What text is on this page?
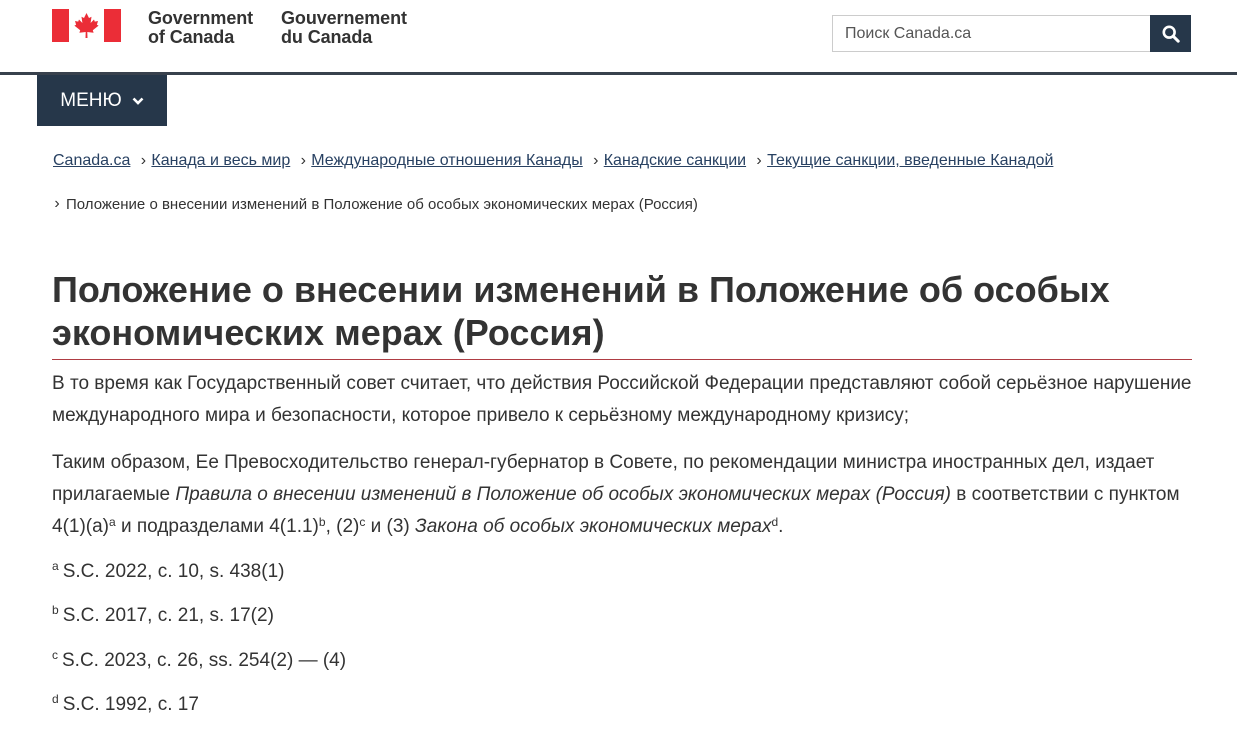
Government
of Canada
Gouvernement
du Canada
Поиск Canada.ca
МЕНЮ
Canada.ca › Канада и весь мир › Международные отношения Канады › Канадские санкции › Текущие санкции, введенные Канадой
› Положение о внесении изменений в Положение об особых экономических мерах (Россия)
Положение о внесении изменений в Положение об особых экономических мерах (Россия)

В то время как Государственный совет считает, что действия Российской Федерации представляют собой серьёзное нарушение международного мира и безопасности, которое привело к серьёзному международному кризису;

Таким образом, Ее Превосходительство генерал-губернатор в Совете, по рекомендации министра иностранных дел, издает прилагаемые Правила о внесении изменений в Положение об особых экономических мерах (Россия) в соответствии с пунктом $4(1)(a)^a$ и подразделами $4(1.1)^b$, $(2)^c$ и (3) Закона об особых экономических мерах$^d$.

$^a$ S.C. 2022, c. 10, s. 438(1)
$^b$ S.C. 2017, c. 21, s. 17(2)
$^c$ S.C. 2023, c. 26, ss. 254(2) — (4)
$^d$ S.C. 1992, c. 17
